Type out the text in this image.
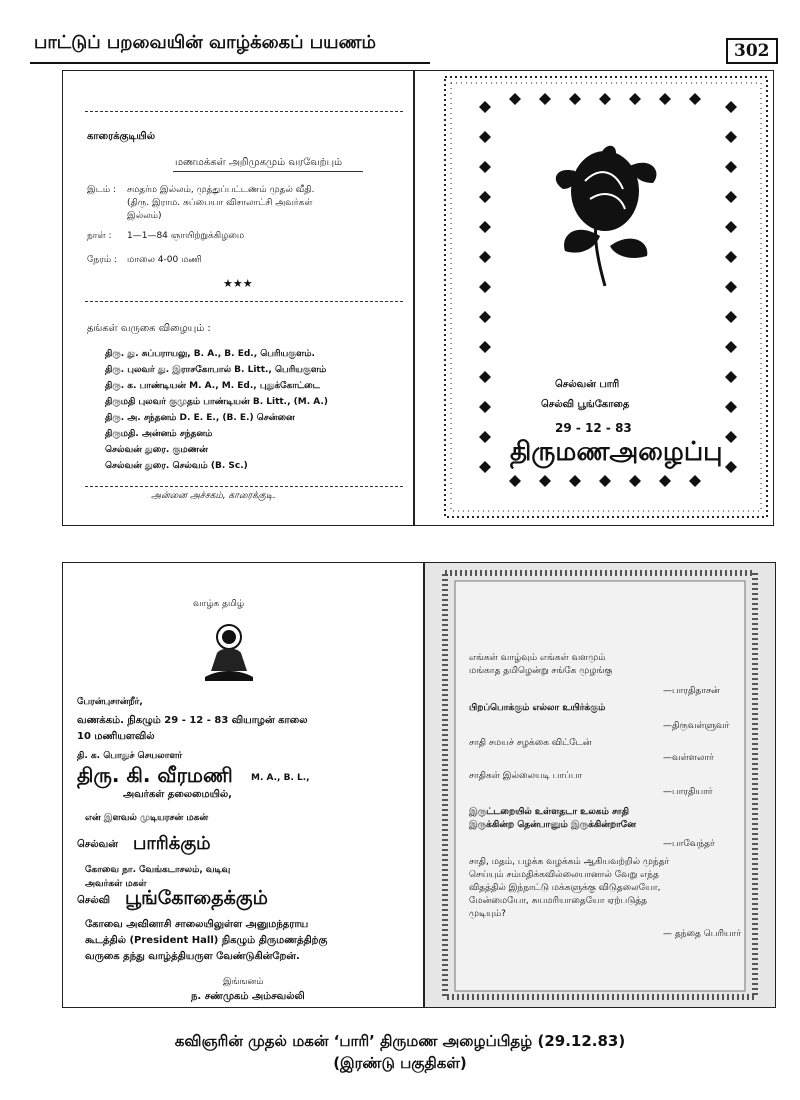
பாட்டுப் பறவையின் வாழ்க்கைப் பயணம்	302
காரைக்குடியில்
மணமக்கள் அறிமுகமும் வரவேற்பும்
இடம் : சமதர்ம இல்லம், முத்துப்பட்டணம் முதல் வீதி.
(திரு. இராம. சுப்பையா விசாலாட்சி அவர்கள்
இல்லம்)
நாள் : 1—1—84 ஞாயிற்றுக்கிழமை
நேரம் : மாலை 4-00 மணி
★★★
தங்கள் வருகை விழையும் :
திரு. து. சுப்பராயலு, B. A., B. Ed., பெரியகுளம்.
திரு. புலவர் து. இராசகோபால் B. Litt., பெரியகுளம்
திரு. க. பாண்டியன் M. A., M. Ed., புதுக்கோட்டை
திருமதி புலவர் குமுதம் பாண்டியன் B. Litt., (M. A.)
திரு. அ. சந்தனம் D. E. E., (B. E.) சென்னை
திருமதி. அன்னம் சந்தனம்
செல்வன் துரை. குமணன்
செல்வன் துரை. செல்வம் (B. Sc.)
அன்னை அச்சகம், காரைக்குடி.
செல்வன் பாரி
செல்வி பூங்கோதை
29 - 12 - 83
திருமணஅழைப்பு
வாழ்க தமிழ்
பேரன்புசான்றீர்,
வணக்கம். நிகழும் 29 - 12 - 83 வியாழன் காலை
10 மணியளவில்
தி. க. பொதுச் செயலாளர்
திரு. கி. வீரமணி M. A., B. L.,
அவர்கள் தலைமையில்,
என் இளவல் முடியரசன் மகன்
செல்வன் பாரிக்கும்
கோவை நா. வேங்கடாசலம், வடிவு
அவர்கள் மகள்
செல்வி பூங்கோதைக்கும்
கோவை அவினாசி சாலையிலுள்ள அனுமந்தராய
கூடத்தில் (President Hall) நிகழும் திருமணத்திற்கு
வருகை தந்து வாழ்த்தியருள வேண்டுகின்றேன்.
இங்ஙனம்
ந. சண்முகம் அம்சவல்லி
எங்கள் வாழ்வும் எங்கள் வளமும்
மங்காத தமிழென்று சங்கே முழங்கு
—பாரதிதாசன்
பிறப்பொக்கும் எல்லா உயிர்க்கும்
—திருவள்ளுவர்
சாதி சமயச் சழக்கை விட்டேன்
—வள்ளலார்
சாதிகள் இல்லையடி பாப்பா
—பாரதியார்
இருட்டறையில் உள்ளதடா உலகம் சாதி
இருக்கின்ற தென்பானும் இருக்கின்றானே
—பாவேந்தர்
சாதி, மதம், பழக்க வழக்கம் ஆகியவற்றில் முந்தர்
செய்யும் சம்மதிக்கவில்லையானால் வேறு எந்த
விதத்தில் இந்நாட்டு மக்களுக்கு விடுதலையோ,
மேன்மையோ, சுயமரியாதையோ ஏற்படுத்த
முடியும்?
— தந்தை பெரியார்
கவிஞரின் முதல் மகன் ‘பாரி’ திருமண அழைப்பிதழ் (29.12.83)
(இரண்டு பகுதிகள்)
